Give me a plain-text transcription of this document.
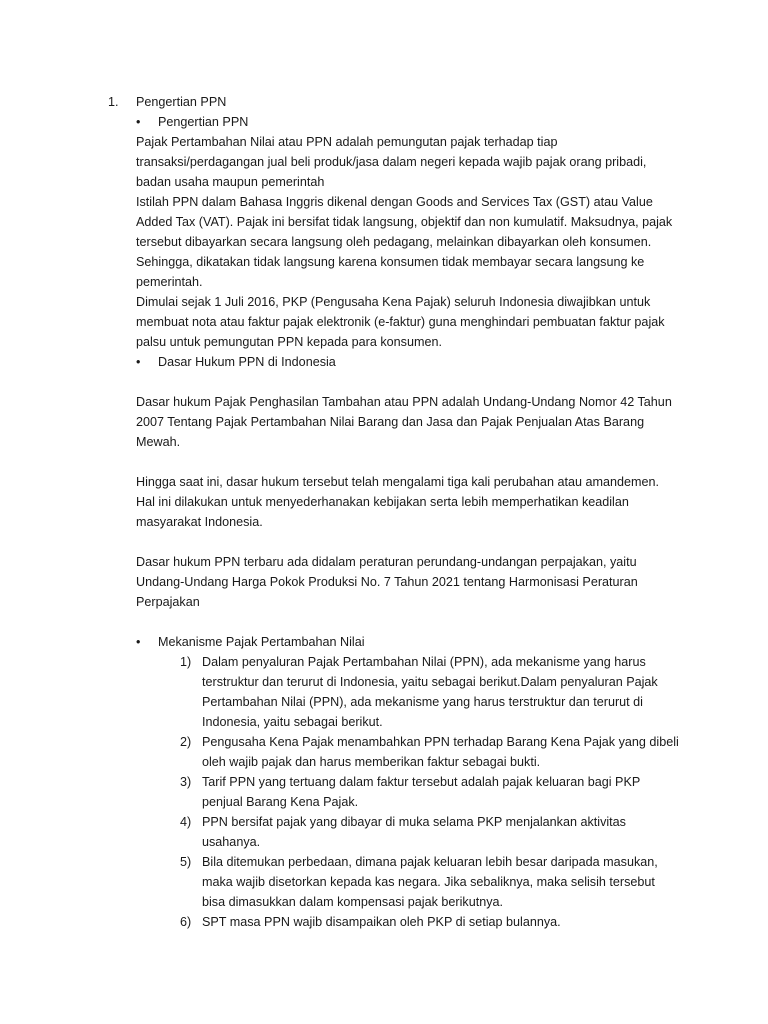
1.	Pengertian PPN
• Pengertian PPN
Pajak Pertambahan Nilai atau PPN adalah pemungutan pajak terhadap tiap transaksi/perdagangan jual beli produk/jasa dalam negeri kepada wajib pajak orang pribadi, badan usaha maupun pemerintah
Istilah PPN dalam Bahasa Inggris dikenal dengan Goods and Services Tax (GST) atau Value Added Tax (VAT). Pajak ini bersifat tidak langsung, objektif dan non kumulatif. Maksudnya, pajak tersebut dibayarkan secara langsung oleh pedagang, melainkan dibayarkan oleh konsumen. Sehingga, dikatakan tidak langsung karena konsumen tidak membayar secara langsung ke pemerintah.
Dimulai sejak 1 Juli 2016, PKP (Pengusaha Kena Pajak) seluruh Indonesia diwajibkan untuk membuat nota atau faktur pajak elektronik (e-faktur) guna menghindari pembuatan faktur pajak palsu untuk pemungutan PPN kepada para konsumen.
• Dasar Hukum PPN di Indonesia
Dasar hukum Pajak Penghasilan Tambahan atau PPN adalah Undang-Undang Nomor 42 Tahun 2007 Tentang Pajak Pertambahan Nilai Barang dan Jasa dan Pajak Penjualan Atas Barang Mewah.
Hingga saat ini, dasar hukum tersebut telah mengalami tiga kali perubahan atau amandemen. Hal ini dilakukan untuk menyederhanakan kebijakan serta lebih memperhatikan keadilan masyarakat Indonesia.
Dasar hukum PPN terbaru ada didalam peraturan perundang-undangan perpajakan, yaitu Undang-Undang Harga Pokok Produksi No. 7 Tahun 2021 tentang Harmonisasi Peraturan Perpajakan
• Mekanisme Pajak Pertambahan Nilai
1) Dalam penyaluran Pajak Pertambahan Nilai (PPN), ada mekanisme yang harus terstruktur dan terurut di Indonesia, yaitu sebagai berikut.Dalam penyaluran Pajak Pertambahan Nilai (PPN), ada mekanisme yang harus terstruktur dan terurut di Indonesia, yaitu sebagai berikut.
2) Pengusaha Kena Pajak menambahkan PPN terhadap Barang Kena Pajak yang dibeli oleh wajib pajak dan harus memberikan faktur sebagai bukti.
3) Tarif PPN yang tertuang dalam faktur tersebut adalah pajak keluaran bagi PKP penjual Barang Kena Pajak.
4) PPN bersifat pajak yang dibayar di muka selama PKP menjalankan aktivitas usahanya.
5) Bila ditemukan perbedaan, dimana pajak keluaran lebih besar daripada masukan, maka wajib disetorkan kepada kas negara. Jika sebaliknya, maka selisih tersebut bisa dimasukkan dalam kompensasi pajak berikutnya.
6) SPT masa PPN wajib disampaikan oleh PKP di setiap bulannya.
